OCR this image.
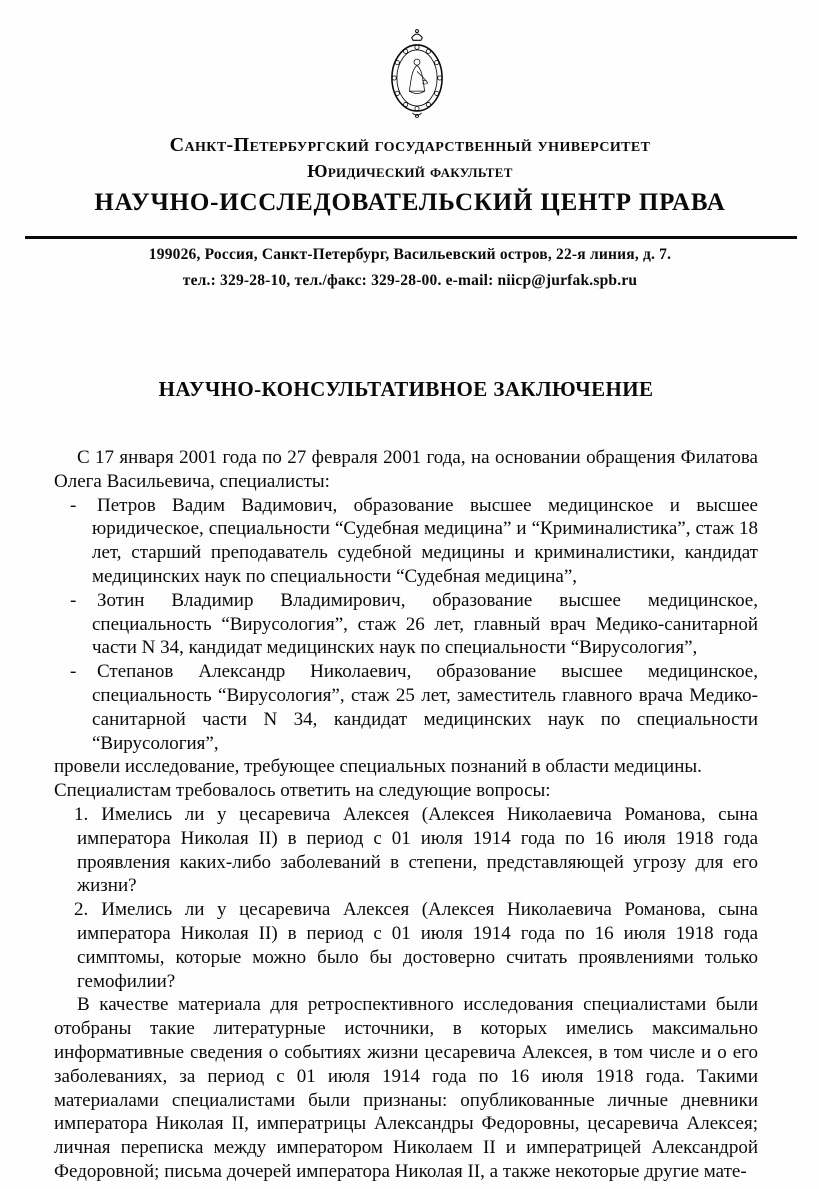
Санкт-Петербургский государственный университет
Юридический факультет
НАУЧНО-ИССЛЕДОВАТЕЛЬСКИЙ ЦЕНТР ПРАВА
199026, Россия, Санкт-Петербург, Васильевский остров, 22-я линия, д. 7.
тел.: 329-28-10, тел./факс: 329-28-00. e-mail: niicp@jurfak.spb.ru
НАУЧНО-КОНСУЛЬТАТИВНОЕ ЗАКЛЮЧЕНИЕ

С 17 января 2001 года по 27 февраля 2001 года, на основании обращения Филатова Олега Васильевича, специалисты:

- Петров Вадим Вадимович, образование высшее медицинское и высшее юридическое, специальности “Судебная медицина” и “Криминалистика”, стаж 18 лет, старший преподаватель судебной медицины и криминалистики, кандидат медицинских наук по специальности “Судебная медицина”,
- Зотин Владимир Владимирович, образование высшее медицинское, специальность “Вирусология”, стаж 26 лет, главный врач Медико-санитарной части N 34, кандидат медицинских наук по специальности “Вирусология”,
- Степанов Александр Николаевич, образование высшее медицинское, специальность “Вирусология”, стаж 25 лет, заместитель главного врача Медико-санитарной части N 34, кандидат медицинских наук по специальности “Вирусология”,
провели исследование, требующее специальных познаний в области медицины.
Специалистам требовалось ответить на следующие вопросы:
1. Имелись ли у цесаревича Алексея (Алексея Николаевича Романова, сына императора Николая II) в период с 01 июля 1914 года по 16 июля 1918 года проявления каких-либо заболеваний в степени, представляющей угрозу для его жизни?
2. Имелись ли у цесаревича Алексея (Алексея Николаевича Романова, сына императора Николая II) в период с 01 июля 1914 года по 16 июля 1918 года симптомы, которые можно было бы достоверно считать проявлениями только гемофилии?

В качестве материала для ретроспективного исследования специалистами были отобраны такие литературные источники, в которых имелись максимально информативные сведения о событиях жизни цесаревича Алексея, в том числе и о его заболеваниях, за период с 01 июля 1914 года по 16 июля 1918 года. Такими материалами специалистами были признаны: опубликованные личные дневники императора Николая II, императрицы Александры Федоровны, цесаревича Алексея; личная переписка между императором Николаем II и императрицей Александрой Федоровной; письма дочерей императора Николая II, а также некоторые другие мате-
